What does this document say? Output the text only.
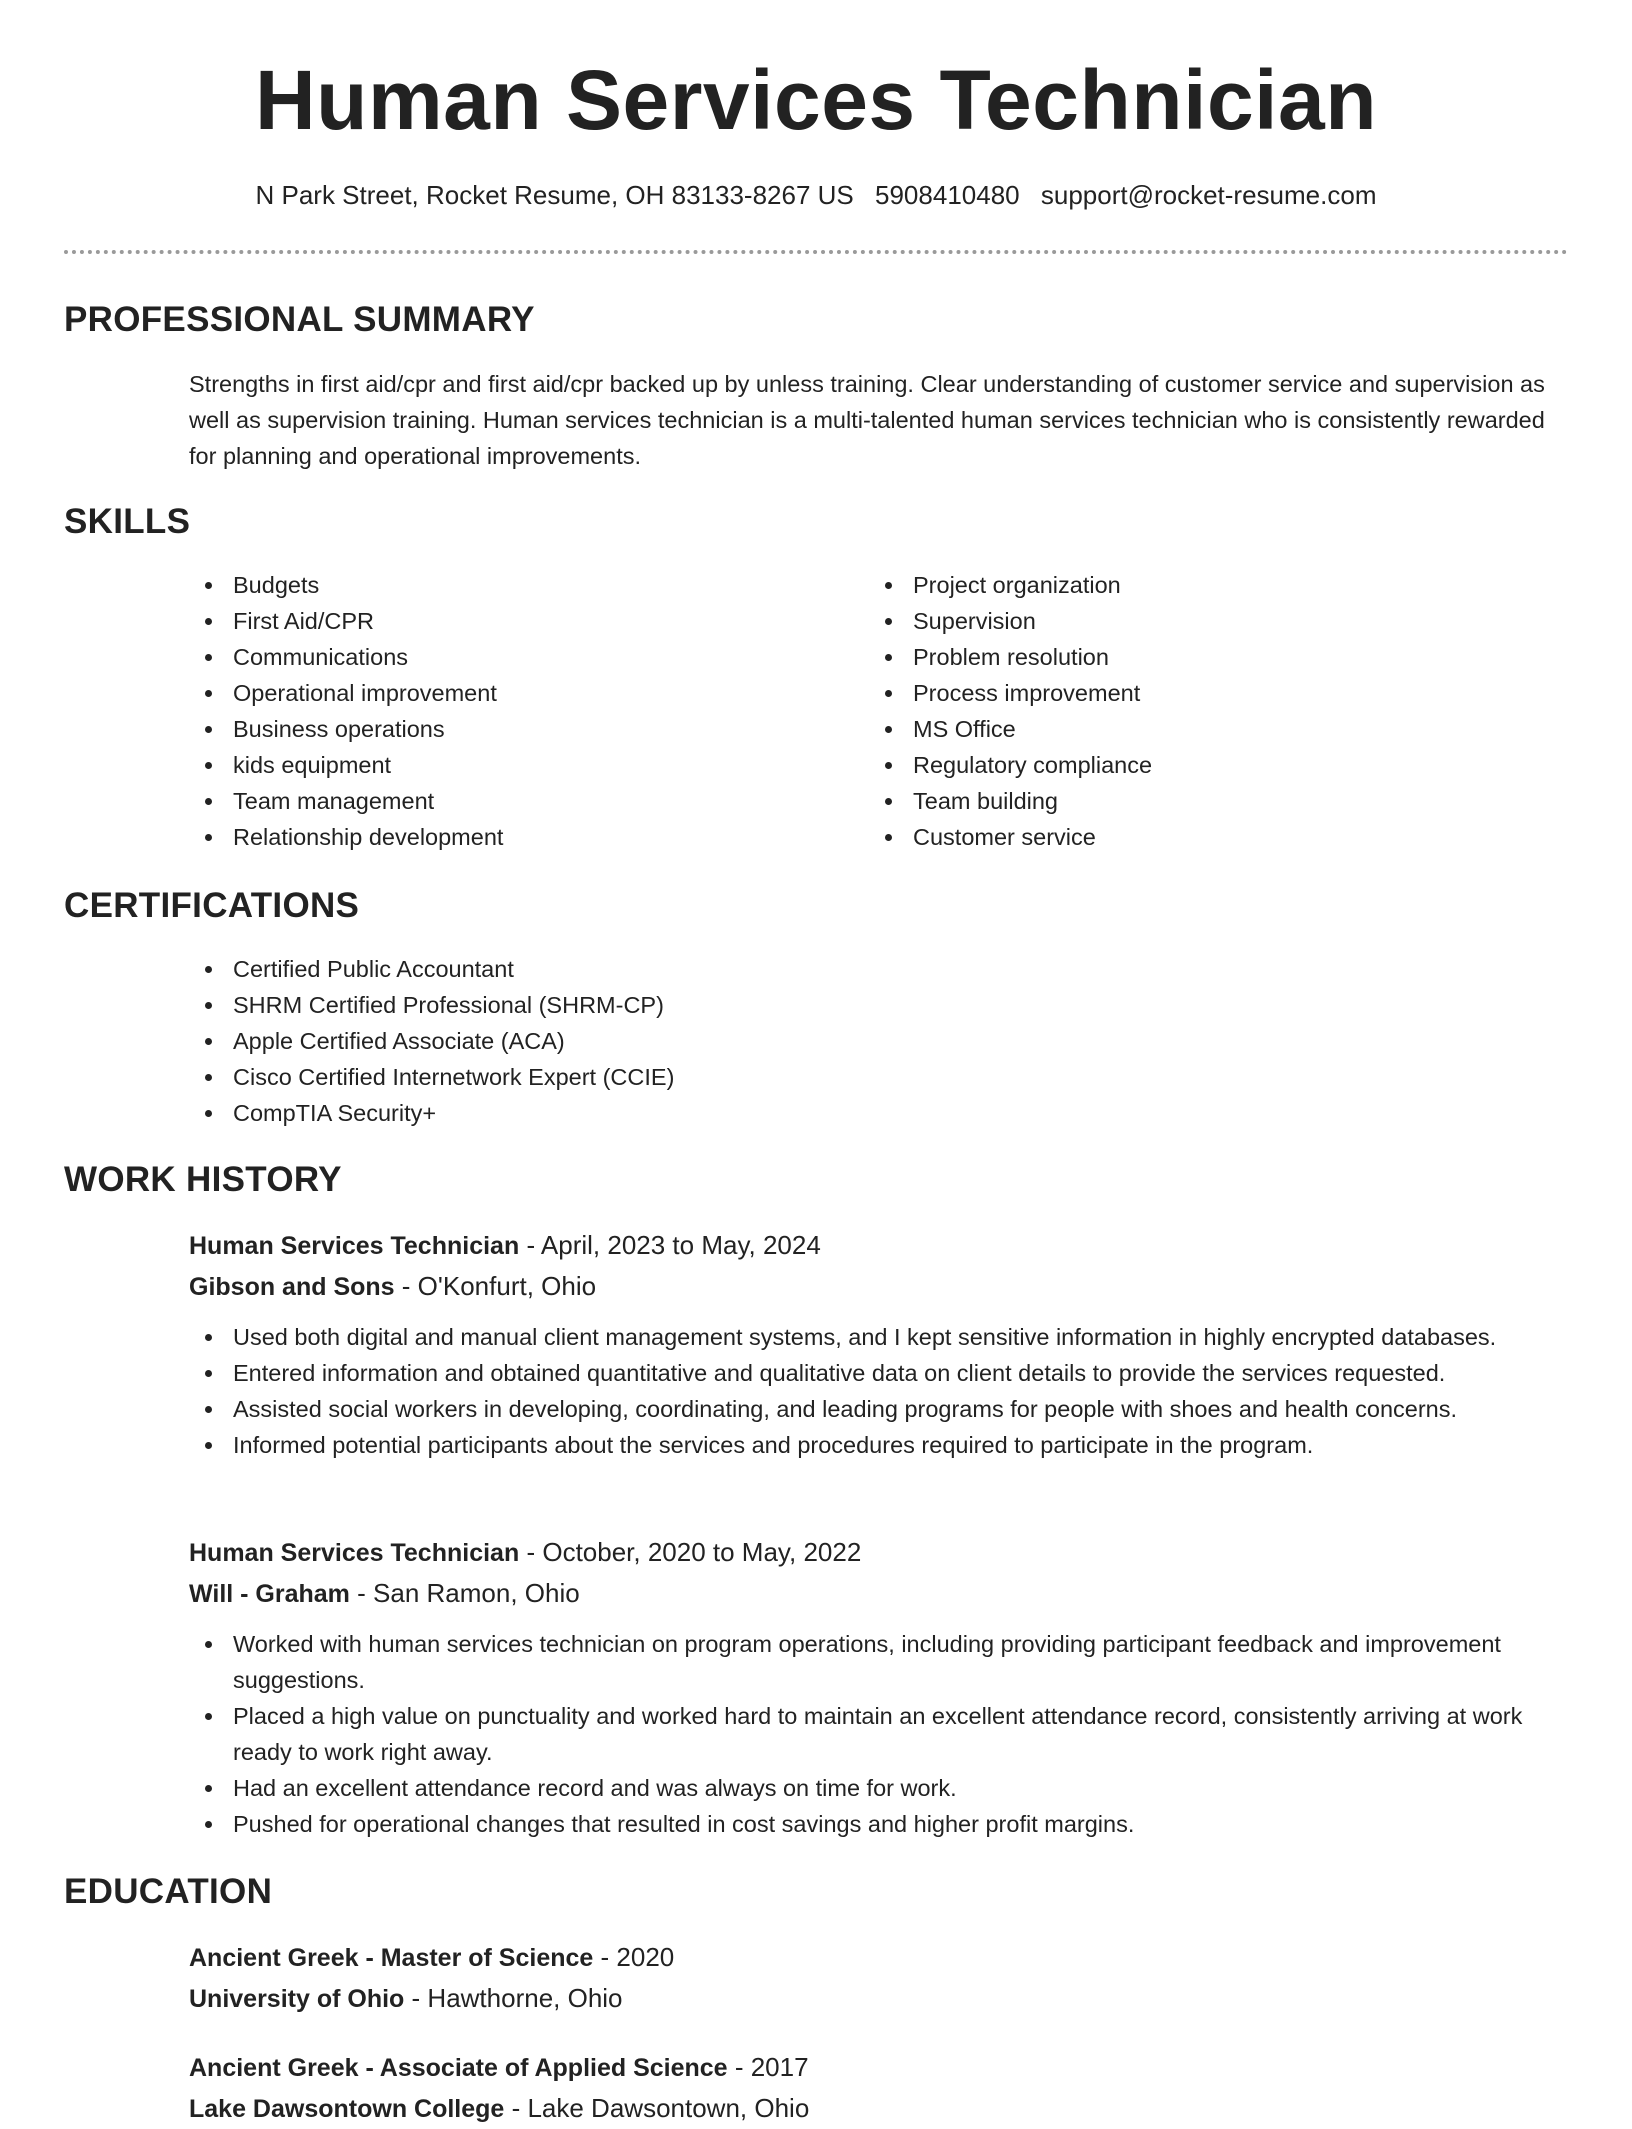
Human Services Technician
N Park Street, Rocket Resume, OH 83133-8267 US 5908410480 support@rocket-resume.com
PROFESSIONAL SUMMARY

Strengths in first aid/cpr and first aid/cpr backed up by unless training. Clear understanding of customer service and supervision as well as supervision training. Human services technician is a multi-talented human services technician who is consistently rewarded for planning and operational improvements.

SKILLS
Budgets
First Aid/CPR
Communications
Operational improvement
Business operations
kids equipment
Team management
Relationship development
Project organization
Supervision
Problem resolution
Process improvement
MS Office
Regulatory compliance
Team building
Customer service
CERTIFICATIONS
Certified Public Accountant
SHRM Certified Professional (SHRM-CP)
Apple Certified Associate (ACA)
Cisco Certified Internetwork Expert (CCIE)
CompTIA Security+
WORK HISTORY
Human Services Technician - April, 2023 to May, 2024
Gibson and Sons - O'Konfurt, Ohio
Used both digital and manual client management systems, and I kept sensitive information in highly encrypted databases.
Entered information and obtained quantitative and qualitative data on client details to provide the services requested.
Assisted social workers in developing, coordinating, and leading programs for people with shoes and health concerns.
Informed potential participants about the services and procedures required to participate in the program.
Human Services Technician - October, 2020 to May, 2022
Will - Graham - San Ramon, Ohio
Worked with human services technician on program operations, including providing participant feedback and improvement suggestions.
Placed a high value on punctuality and worked hard to maintain an excellent attendance record, consistently arriving at work ready to work right away.
Had an excellent attendance record and was always on time for work.
Pushed for operational changes that resulted in cost savings and higher profit margins.
EDUCATION
Ancient Greek - Master of Science - 2020
University of Ohio - Hawthorne, Ohio
Ancient Greek - Associate of Applied Science - 2017
Lake Dawsontown College - Lake Dawsontown, Ohio
